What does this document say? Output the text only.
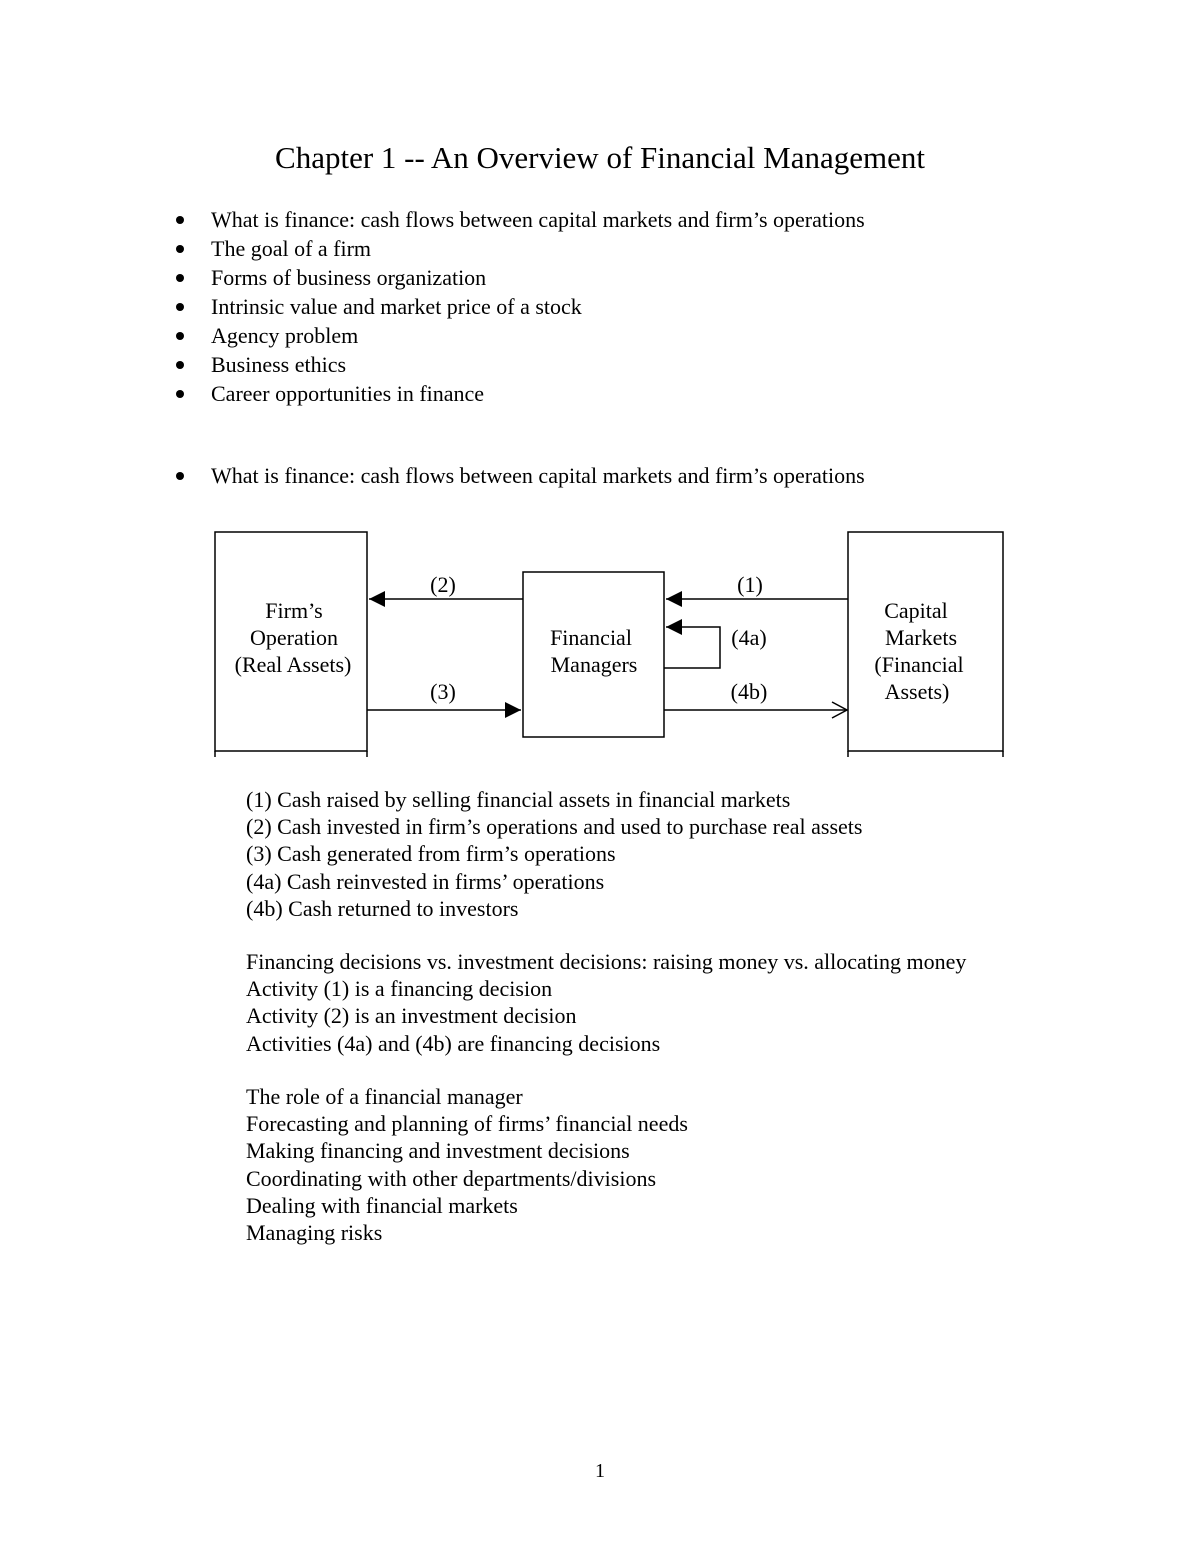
Chapter 1 -- An Overview of Financial Management
What is finance: cash flows between capital markets and firm’s operations
The goal of a firm
Forms of business organization
Intrinsic value and market price of a stock
Agency problem
Business ethics
Career opportunities in finance
What is finance: cash flows between capital markets and firm’s operations
Firm’s
Operation
(Real Assets)
Financial
Managers
Capital
Markets
(Financial
Assets)
(2)
(3)
(1)
(4a)
(4b)
(1) Cash raised by selling financial assets in financial markets
(2) Cash invested in firm’s operations and used to purchase real assets
(3) Cash generated from firm’s operations
(4a) Cash reinvested in firms’ operations
(4b) Cash returned to investors
Financing decisions vs. investment decisions: raising money vs. allocating money
Activity (1) is a financing decision
Activity (2) is an investment decision
Activities (4a) and (4b) are financing decisions
The role of a financial manager
Forecasting and planning of firms’ financial needs
Making financing and investment decisions
Coordinating with other departments/divisions
Dealing with financial markets
Managing risks
1
